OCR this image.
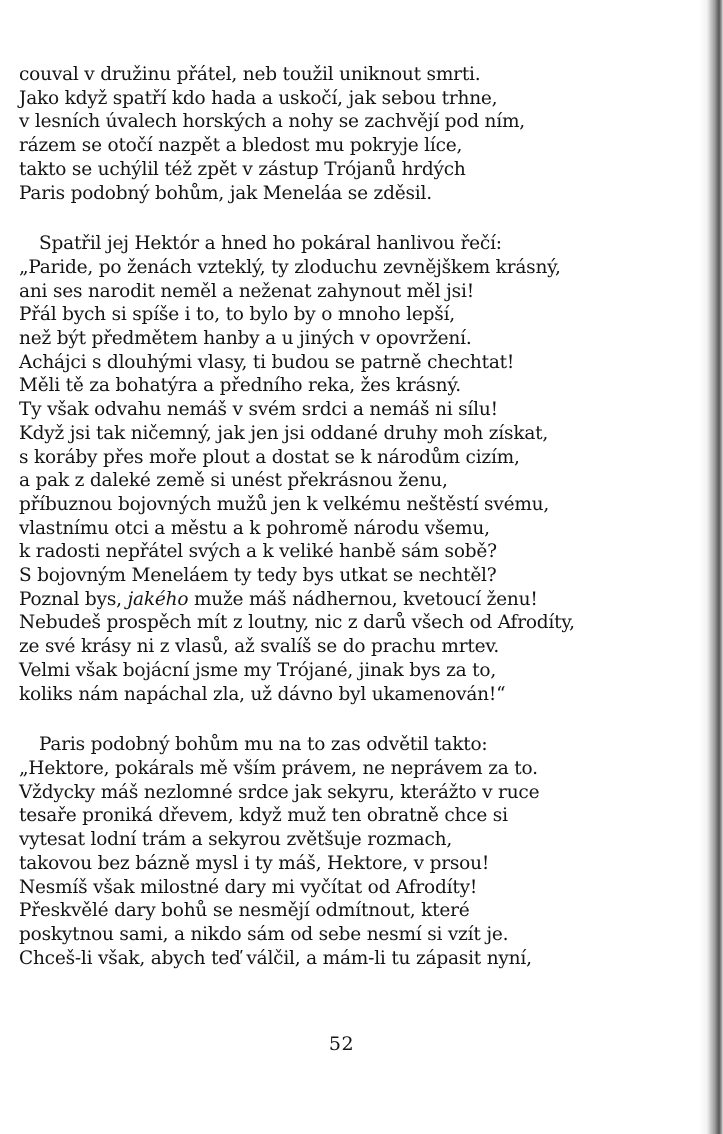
couval v družinu přátel, neb toužil uniknout smrti.
Jako když spatří kdo hada a uskočí, jak sebou trhne,
v lesních úvalech horských a nohy se zachvějí pod ním,
rázem se otočí nazpět a bledost mu pokryje líce,
takto se uchýlil též zpět v zástup Trójanů hrdých
Paris podobný bohům, jak Meneláa se zděsil.
Spatřil jej Hektór a hned ho pokáral hanlivou řečí:
„Paride, po ženách vzteklý, ty zloduchu zevnějškem krásný,
ani ses narodit neměl a neženat zahynout měl jsi!
Přál bych si spíše i to, to bylo by o mnoho lepší,
než být předmětem hanby a u jiných v opovržení.
Achájci s dlouhými vlasy, ti budou se patrně chechtat!
Měli tě za bohatýra a předního reka, žes krásný.
Ty však odvahu nemáš v svém srdci a nemáš ni sílu!
Když jsi tak ničemný, jak jen jsi oddané druhy moh získat,
s koráby přes moře plout a dostat se k národům cizím,
a pak z daleké země si unést překrásnou ženu,
příbuznou bojovných mužů jen k velkému neštěstí svému,
vlastnímu otci a městu a k pohromě národu všemu,
k radosti nepřátel svých a k veliké hanbě sám sobě?
S bojovným Meneláem ty tedy bys utkat se nechtěl?
Poznal bys, jakého muže máš nádhernou, kvetoucí ženu!
Nebudeš prospěch mít z loutny, nic z darů všech od Afrodíty,
ze své krásy ni z vlasů, až svalíš se do prachu mrtev.
Velmi však bojácní jsme my Trójané, jinak bys za to,
koliks nám napáchal zla, už dávno byl ukamenován!“
Paris podobný bohům mu na to zas odvětil takto:
„Hektore, pokárals mě vším právem, ne neprávem za to.
Vždycky máš nezlomné srdce jak sekyru, kterážto v ruce
tesaře proniká dřevem, když muž ten obratně chce si
vytesat lodní trám a sekyrou zvětšuje rozmach,
takovou bez bázně mysl i ty máš, Hektore, v prsou!
Nesmíš však milostné dary mi vyčítat od Afrodíty!
Přeskvělé dary bohů se nesmějí odmítnout, které
poskytnou sami, a nikdo sám od sebe nesmí si vzít je.
Chceš-li však, abych teď válčil, a mám-li tu zápasit nyní,
52
